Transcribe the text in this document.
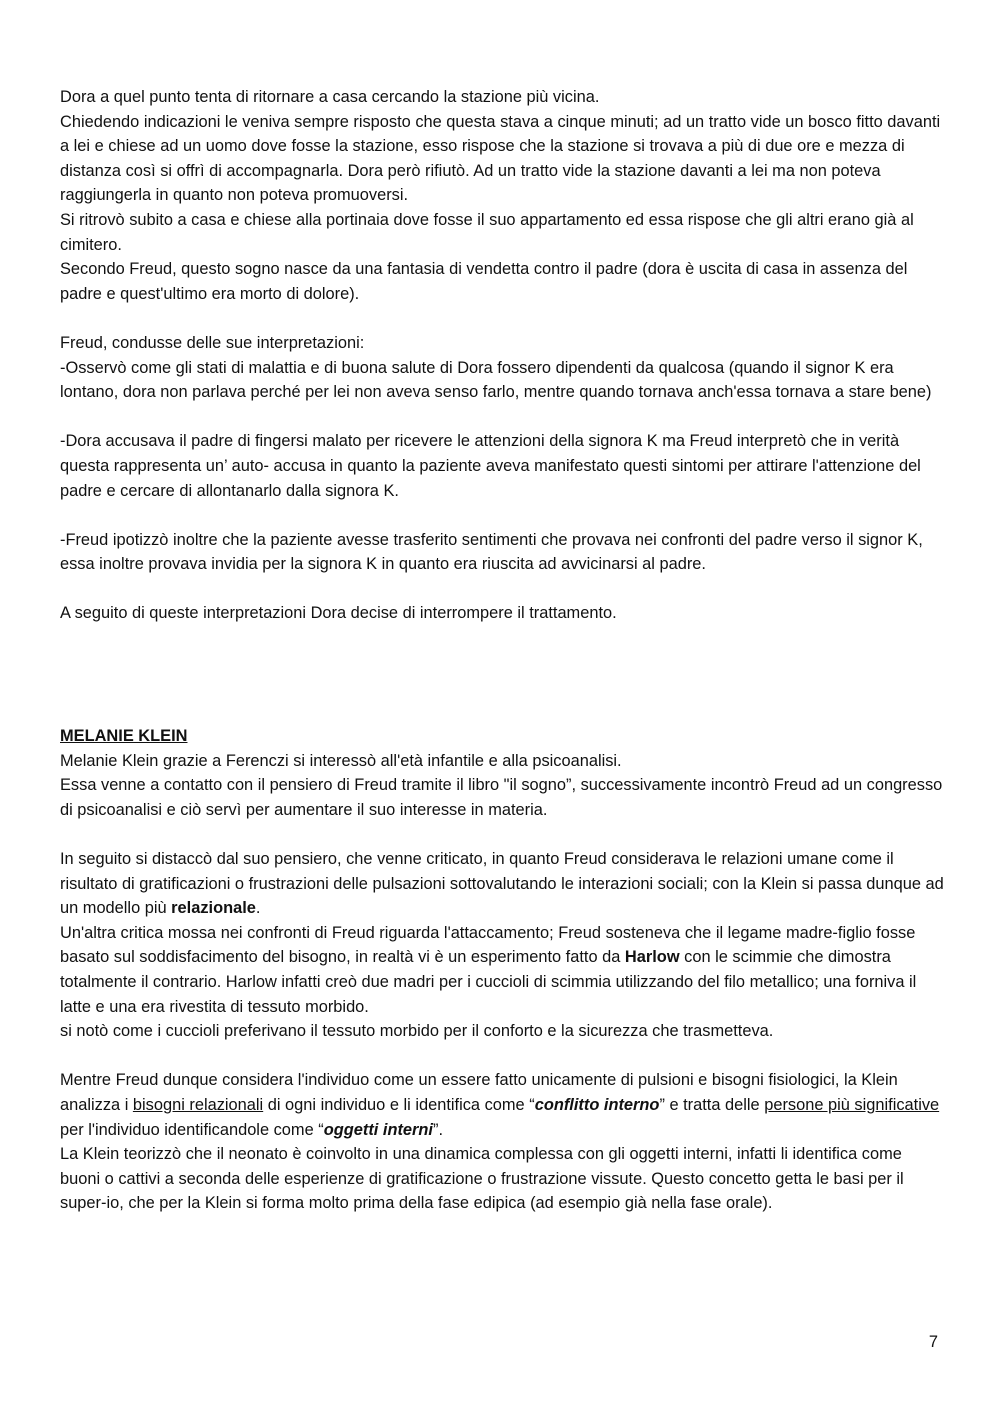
Dora a quel punto tenta di ritornare a casa cercando la stazione più vicina.

Chiedendo indicazioni le veniva sempre risposto che questa stava a cinque minuti; ad un tratto vide un bosco fitto davanti a lei e chiese ad un uomo dove fosse la stazione, esso rispose che la stazione si trovava a più di due ore e mezza di distanza così si offrì di accompagnarla. Dora però rifiutò. Ad un tratto vide la stazione davanti a lei ma non poteva raggiungerla in quanto non poteva promuoversi.

Si ritrovò subito a casa e chiese alla portinaia dove fosse il suo appartamento ed essa rispose che gli altri erano già al cimitero.

Secondo Freud, questo sogno nasce da una fantasia di vendetta contro il padre (dora è uscita di casa in assenza del padre e quest'ultimo era morto di dolore).

Freud, condusse delle sue interpretazioni:

-Osservò come gli stati di malattia e di buona salute di Dora fossero dipendenti da qualcosa (quando il signor K era lontano, dora non parlava perché per lei non aveva senso farlo, mentre quando tornava anch'essa tornava a stare bene)

-Dora accusava il padre di fingersi malato per ricevere le attenzioni della signora K ma Freud interpretò che in verità questa rappresenta un’ auto- accusa in quanto la paziente aveva manifestato questi sintomi per attirare l'attenzione del padre e cercare di allontanarlo dalla signora K.

-Freud ipotizzò inoltre che la paziente avesse trasferito sentimenti che provava nei confronti del padre verso il signor K, essa inoltre provava invidia per la signora K in quanto era riuscita ad avvicinarsi al padre.

A seguito di queste interpretazioni Dora decise di interrompere il trattamento.

MELANIE KLEIN

Melanie Klein grazie a Ferenczi si interessò all'età infantile e alla psicoanalisi.

Essa venne a contatto con il pensiero di Freud tramite il libro "il sogno”, successivamente incontrò Freud ad un congresso di psicoanalisi e ciò servì per aumentare il suo interesse in materia.

In seguito si distaccò dal suo pensiero, che venne criticato, in quanto Freud considerava le relazioni umane come il risultato di gratificazioni o frustrazioni delle pulsazioni sottovalutando le interazioni sociali; con la Klein si passa dunque ad un modello più relazionale.

Un'altra critica mossa nei confronti di Freud riguarda l'attaccamento; Freud sosteneva che il legame madre-figlio fosse basato sul soddisfacimento del bisogno, in realtà vi è un esperimento fatto da Harlow con le scimmie che dimostra totalmente il contrario. Harlow infatti creò due madri per i cuccioli di scimmia utilizzando del filo metallico; una forniva il latte e una era rivestita di tessuto morbido.

si notò come i cuccioli preferivano il tessuto morbido per il conforto e la sicurezza che trasmetteva.

Mentre Freud dunque considera l'individuo come un essere fatto unicamente di pulsioni e bisogni fisiologici, la Klein analizza i bisogni relazionali di ogni individuo e li identifica come “conflitto interno” e tratta delle persone più significative per l'individuo identificandole come “oggetti interni”.

La Klein teorizzò che il neonato è coinvolto in una dinamica complessa con gli oggetti interni, infatti li identifica come buoni o cattivi a seconda delle esperienze di gratificazione o frustrazione vissute. Questo concetto getta le basi per il super-io, che per la Klein si forma molto prima della fase edipica (ad esempio già nella fase orale).

7
